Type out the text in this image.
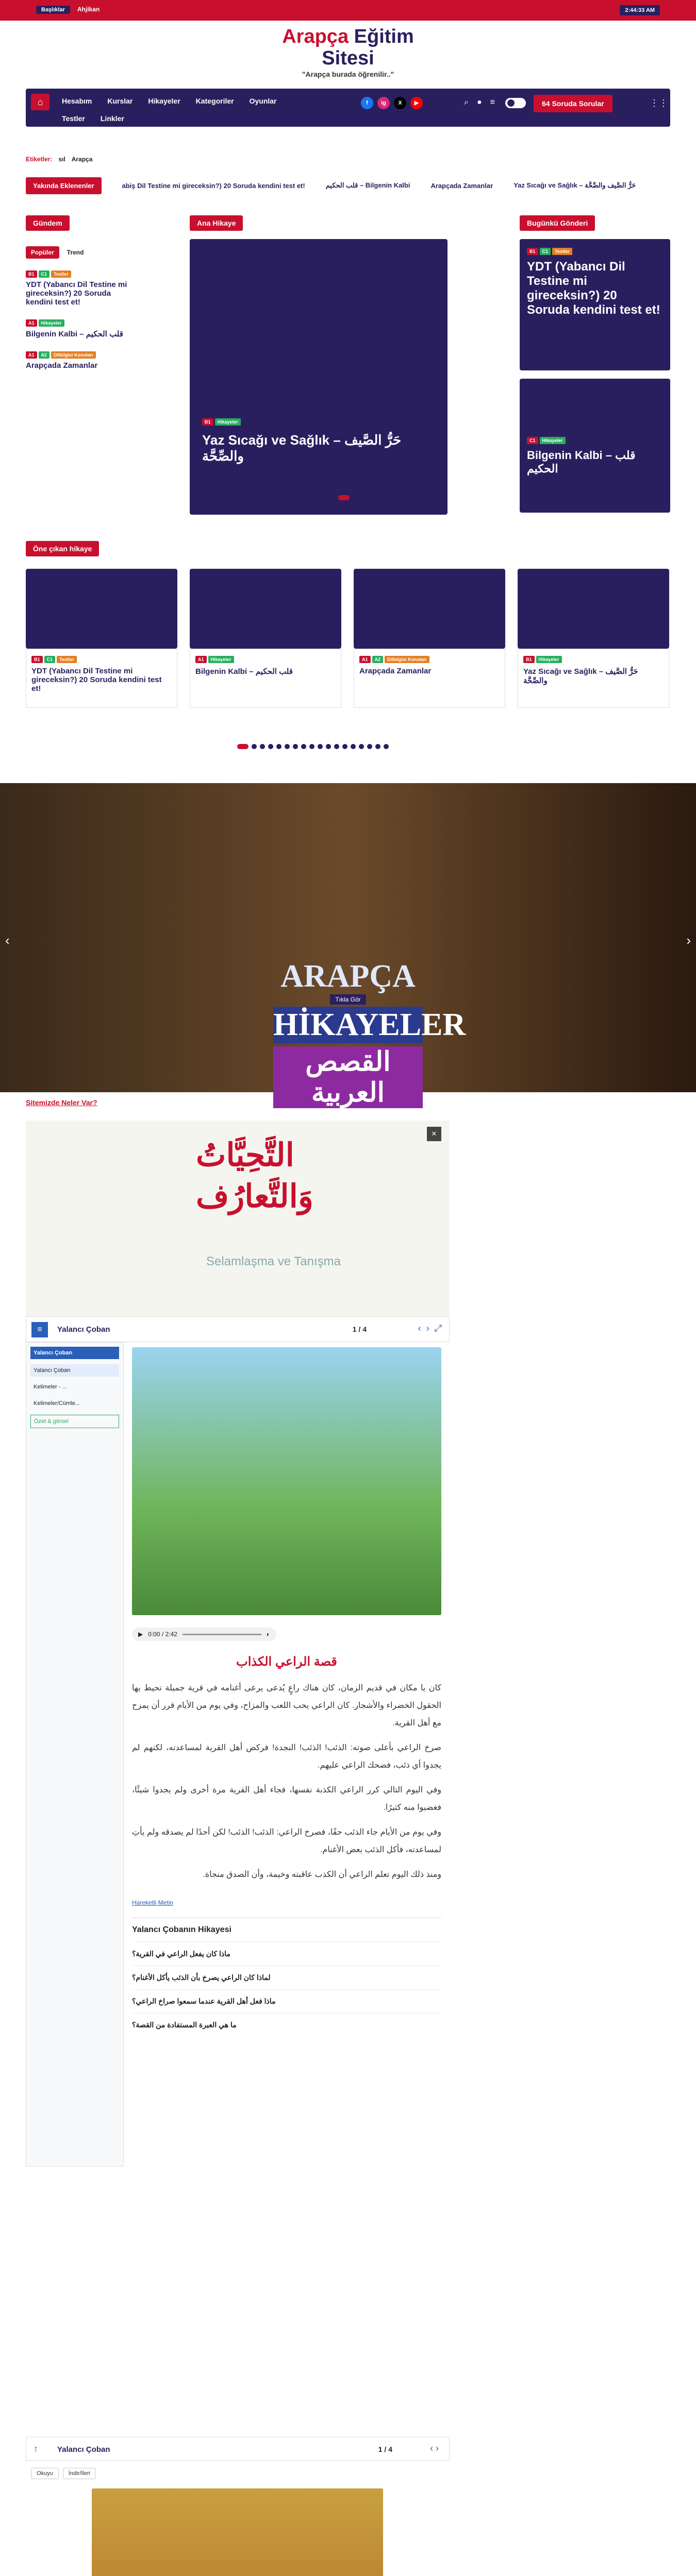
Başlıklar	Ahjikan	2:44:33 AM
Arapça Eğitim
Sitesi
"Arapça burada öğrenilir.."
⌂	Hesabım Kurslar Hikayeler Kategoriler Oyunlar
Testler Linkler
f	ig	X	▶	⌕ ● ≡	64 Soruda Sorular	⋮⋮
Etiketler: sıl Arapça
Yakında Eklenenler	abiş Dil Testine mi gireceksin?) 20 Soruda kendini test et!	قلب الحكيم – Bilgenin Kalbi	Arapçada Zamanlar	Yaz Sıcağı ve Sağlık – حَرُّ الصَّيف والصِّحَّة
Gündem
Popüler	Trend
B1 C1 Testler
YDT (Yabancı Dil Testine mi gireceksin?) 20 Soruda kendini test et!
A1 Hikayeler
Bilgenin Kalbi – قلب الحكيم
A1 A2 Dilbilgisi Konuları
Arapçada Zamanlar
Ana Hikaye
B1 Hikayeler
Yaz Sıcağı ve Sağlık – حَرُّ الصَّيف والصِّحَّة
Bugünkü Gönderi
B1 C1 Testler
YDT (Yabancı Dil Testine mi gireceksin?) 20 Soruda kendini test et!
C1 Hikayeler
Bilgenin Kalbi – قلب الحكيم
Öne çıkan hikaye
B1 C1 Testler
YDT (Yabancı Dil Testine mi gireceksin?) 20 Soruda kendini test et!
A1 Hikayeler
Bilgenin Kalbi – قلب الحكيم
A1 A2 Dilbilgisi Konuları
Arapçada Zamanlar
B1 Hikayeler
Yaz Sıcağı ve Sağlık – حَرُّ الصَّيف والصِّحَّة
‹	›
ARAPÇA
Tıkla Gör
HİKAYELER
القصص العربية
Sitemizde Neler Var?
التَّحِيَّاتُ
وَالتَّعارُف
Selamlaşma ve Tanışma
✕
≡	Yalancı Çoban	1 / 4	‹ › ⤢
Yalancı Çoban
Yalancı Çoban
Kelimeler - ...
Kelimeler/Cümle...
Özet & görsel
▶ 0:00 / 2:42	◐
قصة الراعي الكذاب

كان يا مكان في قديم الزمان، كان هناك راعٍ يُدعى يرعى أغنامه في قرية جميلة تحيط بها الحقول الخضراء والأشجار. كان الراعي يحب اللعب والمزاح، وفي يوم من الأيام قرر أن يمزح مع أهل القرية.

صرخ الراعي بأعلى صوته: الذئب! الذئب! النجدة! فركض أهل القرية لمساعدته، لكنهم لم يجدوا أي ذئب، فضحك الراعي عليهم.

وفي اليوم التالي كرر الراعي الكذبة نفسها، فجاء أهل القرية مرة أخرى ولم يجدوا شيئًا، فغضبوا منه كثيرًا.

وفي يوم من الأيام جاء الذئب حقًا، فصرخ الراعي: الذئب! الذئب! لكن أحدًا لم يصدقه ولم يأتِ لمساعدته، فأكل الذئب بعض الأغنام.

ومنذ ذلك اليوم تعلم الراعي أن الكذب عاقبته وخيمة، وأن الصدق منجاة.

Hareketli Metin
Yalancı Çobanın Hikayesi
ماذا كان يفعل الراعي في القرية؟
لماذا كان الراعي يصرخ بأن الذئب يأكل الأغنام؟
ماذا فعل أهل القرية عندما سمعوا صراخ الراعي؟
ما هي العبرة المستفادة من القصة؟
↑ Yalancı Çoban	1 / 4	‹ ›
Okuyu	İndir/İleri
